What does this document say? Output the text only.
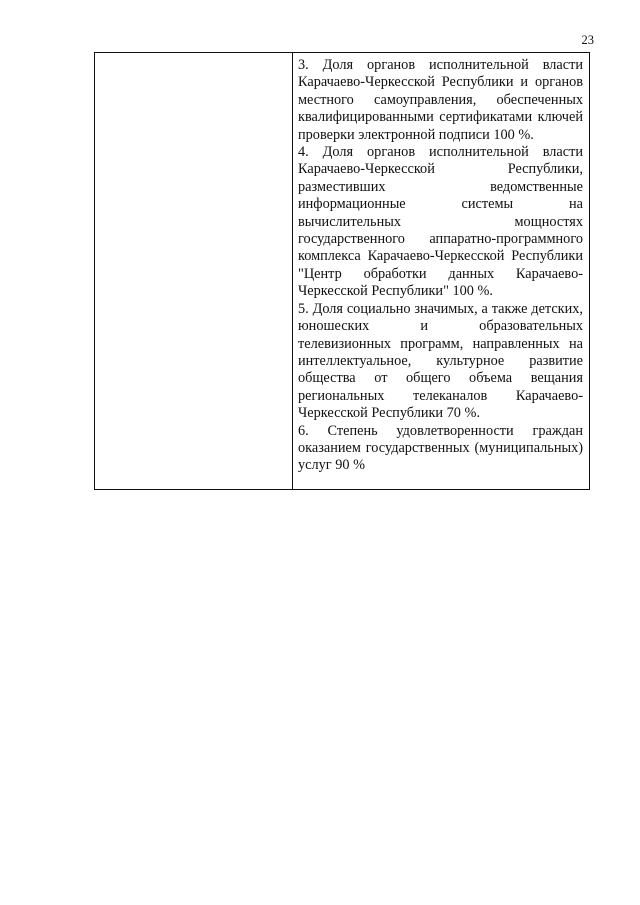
23

3. Доля органов исполнительной власти Карачаево-Черкесской Республики и органов местного самоуправления, обеспеченных квалифицированными сертификатами ключей проверки электронной подписи 100 %.

4. Доля органов исполнительной власти Карачаево-Черкесской Республики, разместивших ведомственные информационные системы на вычислительных мощностях государственного аппаратно-программного комплекса Карачаево-Черкесской Республики "Центр обработки данных Карачаево-Черкесской Республики" 100 %.

5. Доля социально значимых, а также детских, юношеских и образовательных телевизионных программ, направленных на интеллектуальное, культурное развитие общества от общего объема вещания региональных телеканалов Карачаево-Черкесской Республики 70 %.

6. Степень удовлетворенности граждан оказанием государственных (муниципальных) услуг 90 %
